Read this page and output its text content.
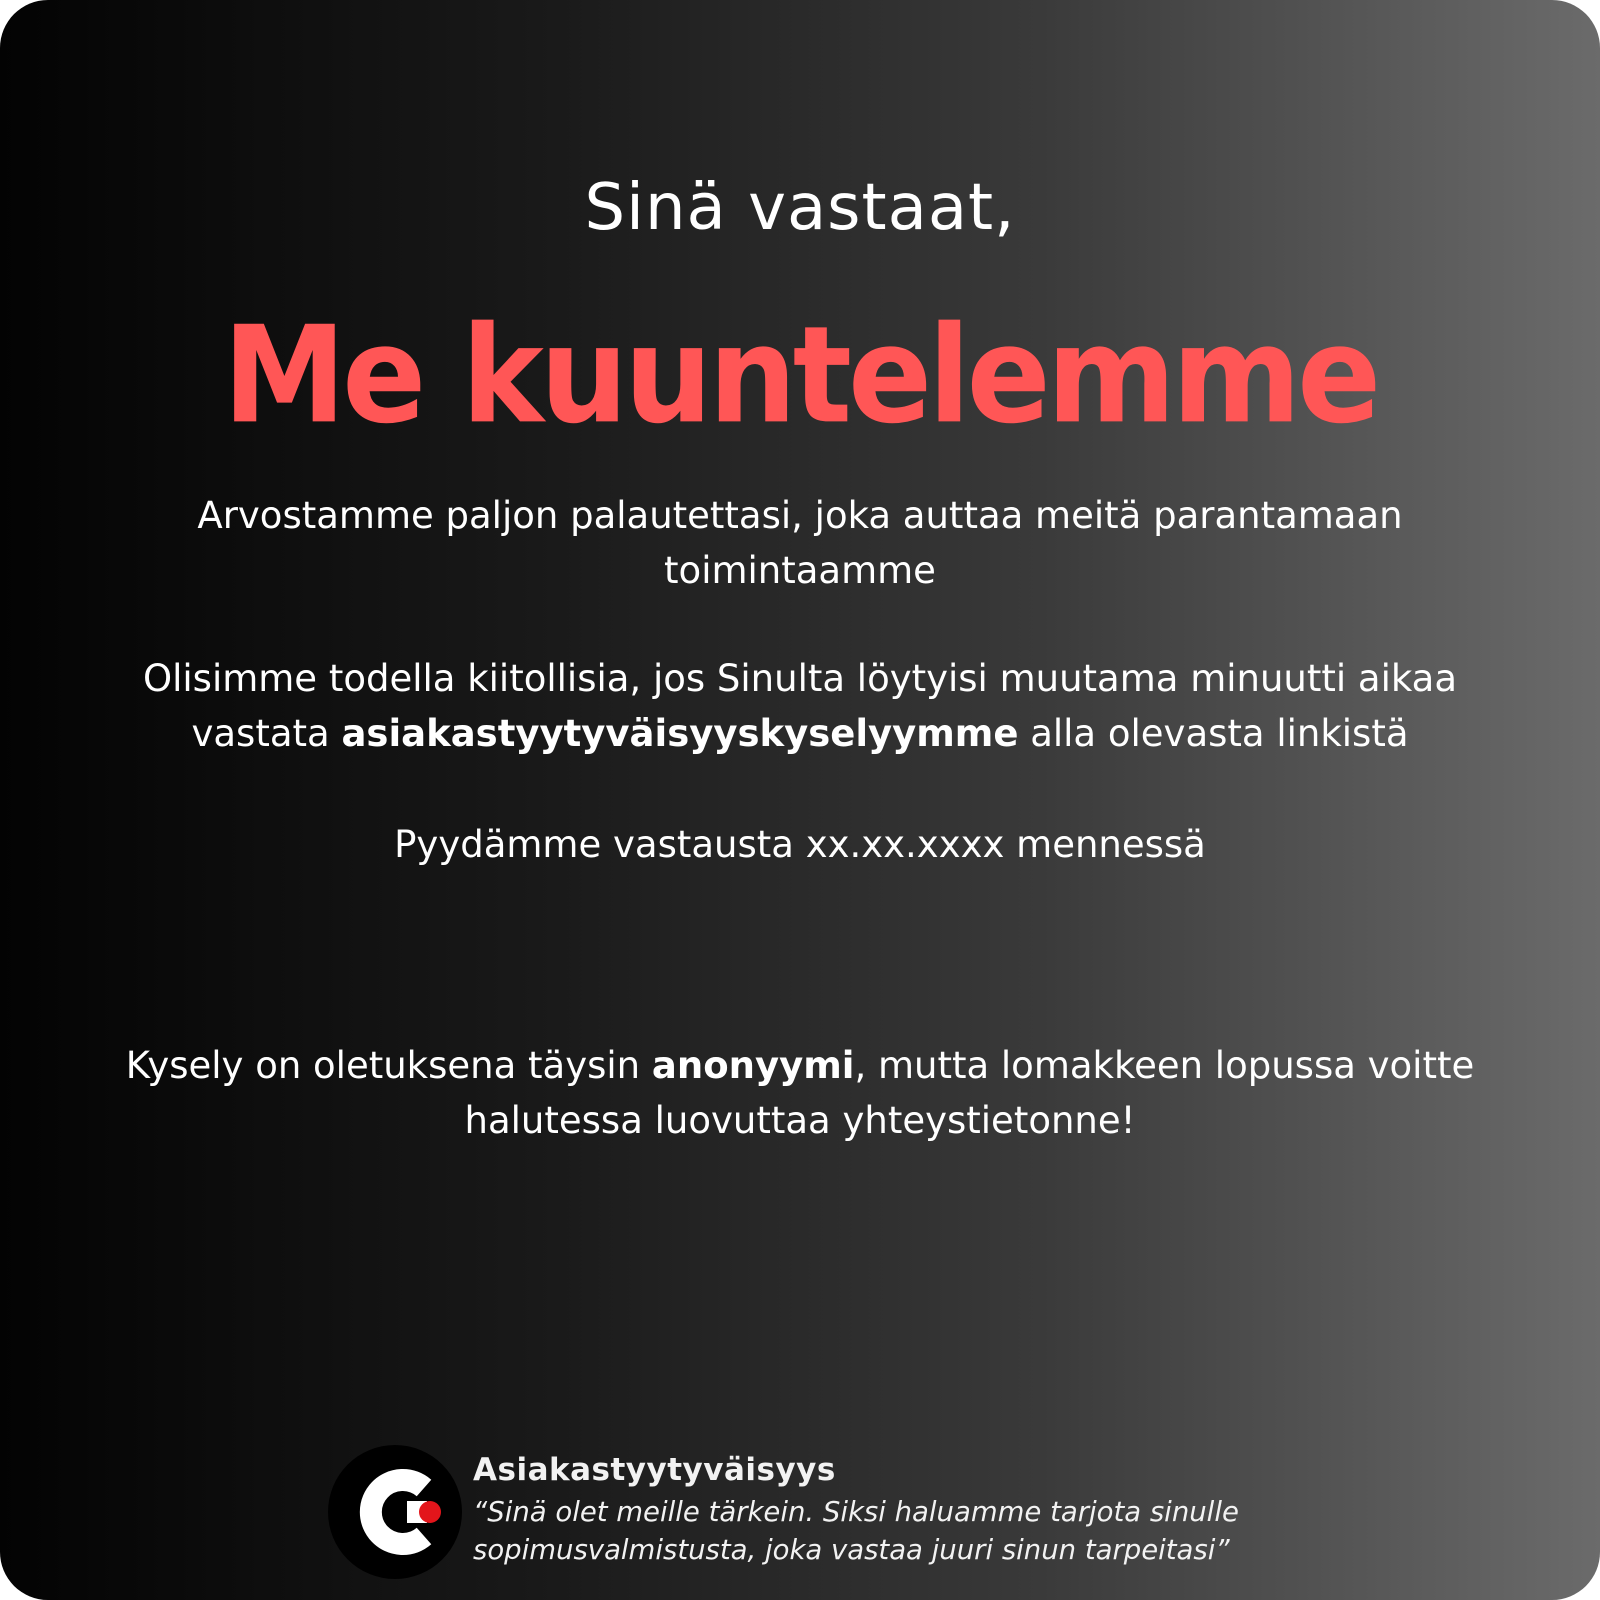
Sinä vastaat,
Me kuuntelemme
Arvostamme paljon palautettasi, joka auttaa meitä parantamaan toimintaamme
Olisimme todella kiitollisia, jos Sinulta löytyisi muutama minuutti aikaa vastata asiakastyytyväisyyskyselyymme alla olevasta linkistä
Pyydämme vastausta xx.xx.xxxx mennessä
Kysely on oletuksena täysin anonyymi, mutta lomakkeen lopussa voitte halutessa luovuttaa yhteystietonne!
Asiakastyytyväisyys
“Sinä olet meille tärkein. Siksi haluamme tarjota sinulle sopimusvalmistusta, joka vastaa juuri sinun tarpeitasi”
